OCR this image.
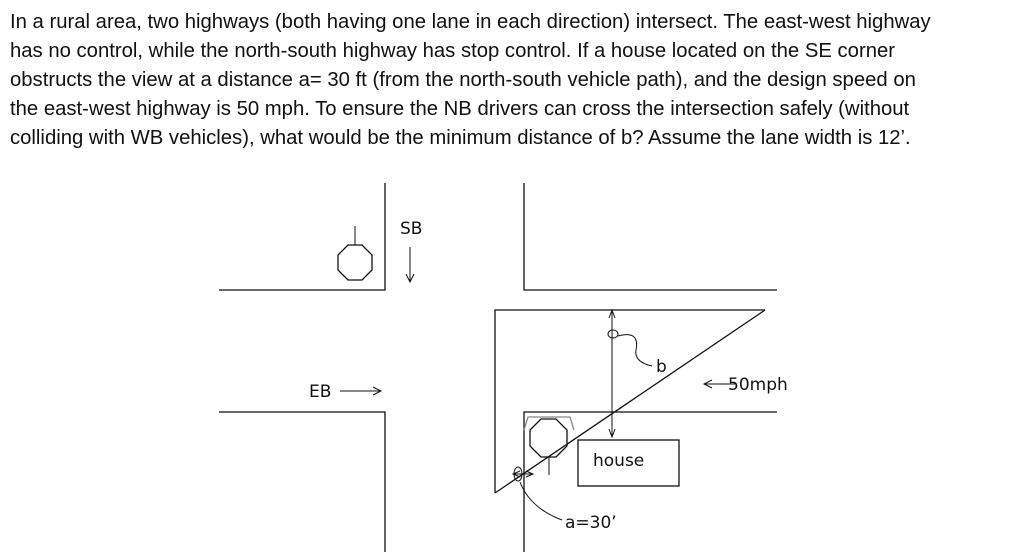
In a rural area, two highways (both having one lane in each direction) intersect. The east-west highway
has no control, while the north-south highway has stop control. If a house located on the SE corner
obstructs the view at a distance a= 30 ft (from the north-south vehicle path), and the design speed on
the east-west highway is 50 mph. To ensure the NB drivers can cross the intersection safely (without
colliding with WB vehicles), what would be the minimum distance of b? Assume the lane width is 12’.
SB
EB
b
50mph
house
a=30’
